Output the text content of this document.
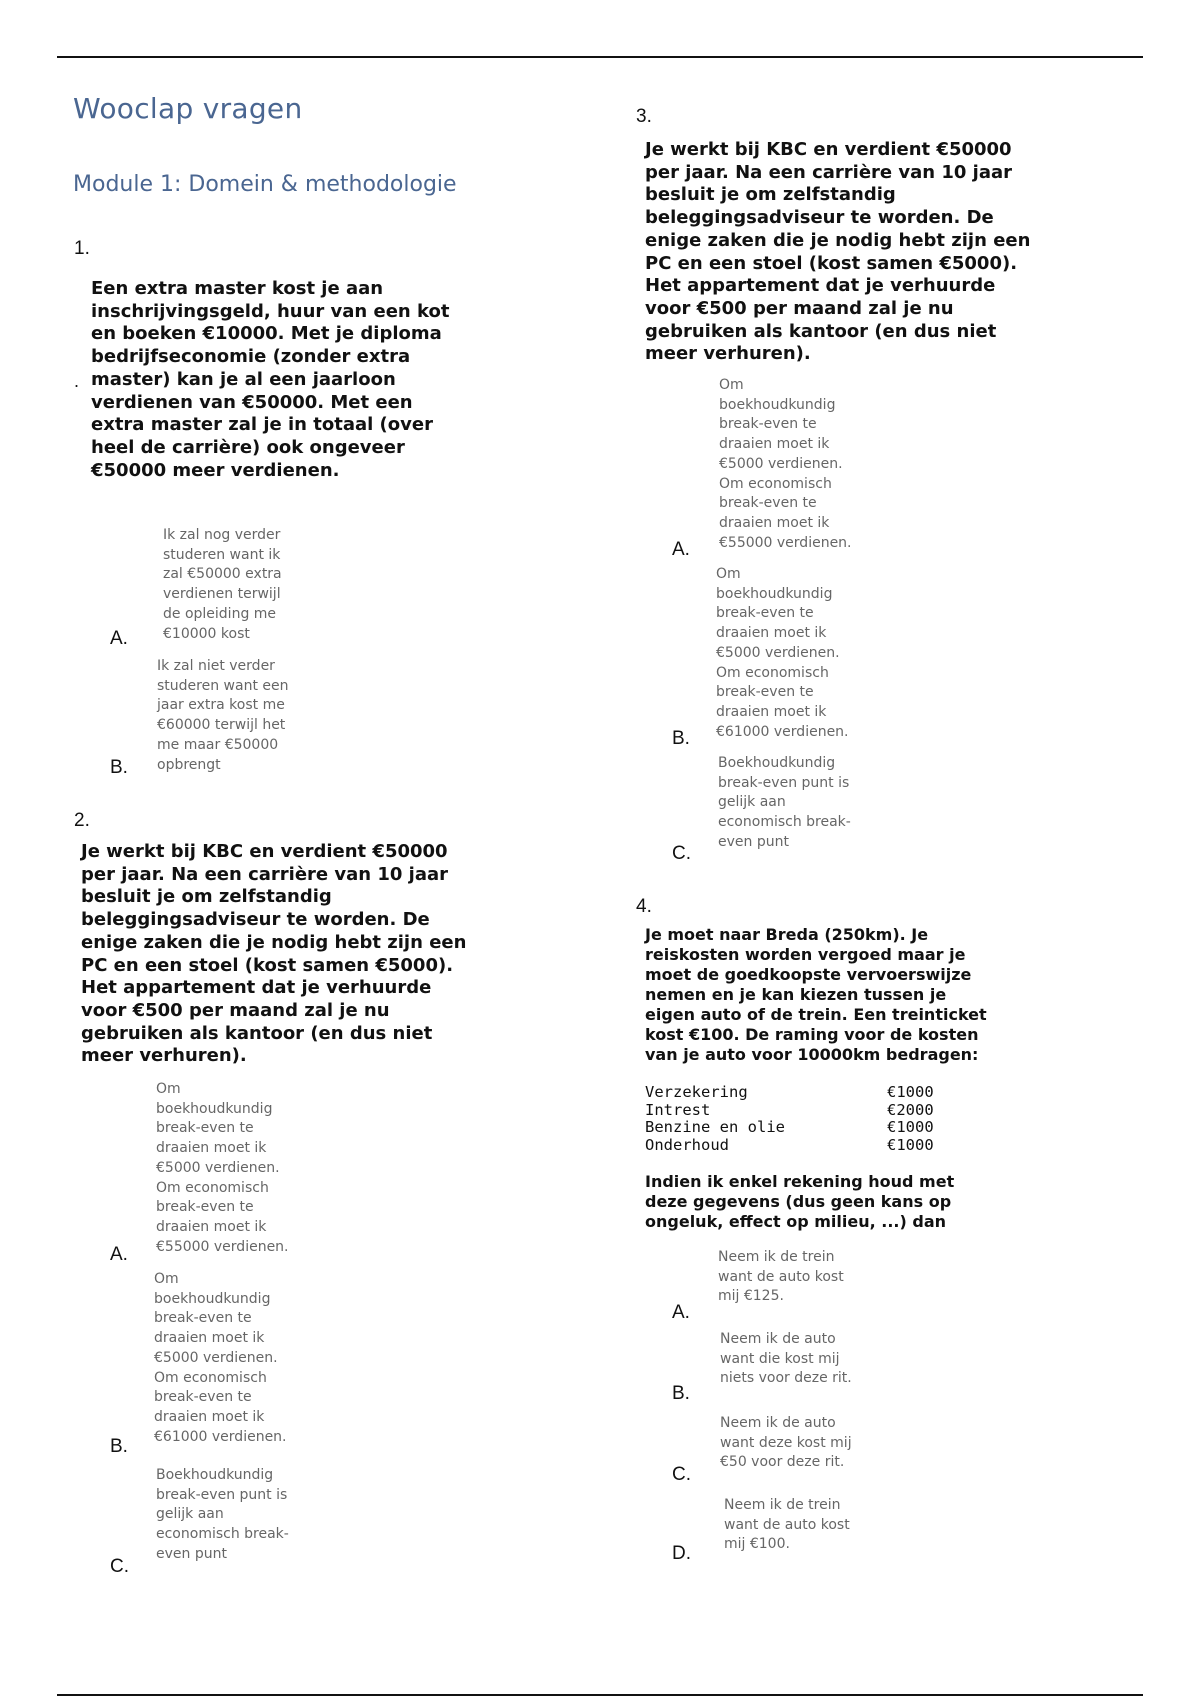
Wooclap vragen
Module 1: Domein & methodologie
1.
.

Een extra master kost je aan inschrijvingsgeld, huur van een kot en boeken €10000. Met je diploma bedrijfseconomie (zonder extra master) kan je al een jaarloon verdienen van €50000. Met een extra master zal je in totaal (over heel de carrière) ook ongeveer €50000 meer verdienen.

A.

Ik zal nog verder studeren want ik zal €50000 extra verdienen terwijl de opleiding me €10000 kost

B.

Ik zal niet verder studeren want een jaar extra kost me €60000 terwijl het me maar €50000 opbrengt

2.

Je werkt bij KBC en verdient €50000 per jaar. Na een carrière van 10 jaar besluit je om zelfstandig beleggingsadviseur te worden. De enige zaken die je nodig hebt zijn een PC en een stoel (kost samen €5000). Het appartement dat je verhuurde voor €500 per maand zal je nu gebruiken als kantoor (en dus niet meer verhuren).

A.

Om boekhoudkundig break-even te draaien moet ik €5000 verdienen. Om economisch break-even te draaien moet ik €55000 verdienen.

B.

Om boekhoudkundig break-even te draaien moet ik €5000 verdienen. Om economisch break-even te draaien moet ik €61000 verdienen.

C.

Boekhoudkundig break-even punt is gelijk aan economisch break-even punt

3.

Je werkt bij KBC en verdient €50000 per jaar. Na een carrière van 10 jaar besluit je om zelfstandig beleggingsadviseur te worden. De enige zaken die je nodig hebt zijn een PC en een stoel (kost samen €5000). Het appartement dat je verhuurde voor €500 per maand zal je nu gebruiken als kantoor (en dus niet meer verhuren).

A.

Om boekhoudkundig break-even te draaien moet ik €5000 verdienen. Om economisch break-even te draaien moet ik €55000 verdienen.

B.

Om boekhoudkundig break-even te draaien moet ik €5000 verdienen. Om economisch break-even te draaien moet ik €61000 verdienen.

C.

Boekhoudkundig break-even punt is gelijk aan economisch break-even punt

4.

Je moet naar Breda (250km). Je reiskosten worden vergoed maar je moet de goedkoopste vervoerswijze nemen en je kan kiezen tussen je eigen auto of de trein. Een treinticket kost €100. De raming voor de kosten van je auto voor 10000km bedragen:

Verzekering	€1000
Intrest	€2000
Benzine en olie	€1000
Onderhoud	€1000

Indien ik enkel rekening houd met deze gegevens (dus geen kans op ongeluk, effect op milieu, ...) dan

A.

Neem ik de trein want de auto kost mij €125.

B.

Neem ik de auto want die kost mij niets voor deze rit.

C.

Neem ik de auto want deze kost mij €50 voor deze rit.

D.

Neem ik de trein want de auto kost mij €100.
